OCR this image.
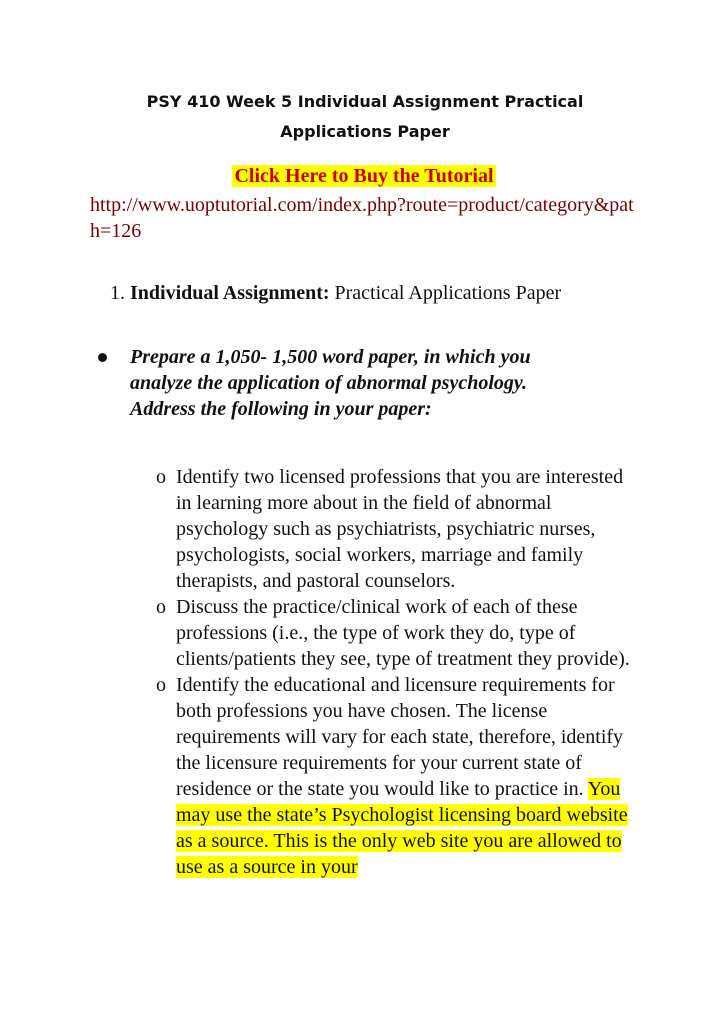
PSY 410 Week 5 Individual Assignment Practical
Applications Paper
Click Here to Buy the Tutorial

http://www.uoptutorial.com/index.php?route=product/category&path=126

1. Individual Assignment: Practical Applications Paper

Prepare a 1,050- 1,500 word paper, in which you
analyze the application of abnormal psychology.
Address the following in your paper:

o Identify two licensed professions that you are interested in learning more about in the field of abnormal psychology such as psychiatrists, psychiatric nurses, psychologists, social workers, marriage and family therapists, and pastoral counselors.
o Discuss the practice/clinical work of each of these professions (i.e., the type of work they do, type of clients/patients they see, type of treatment they provide).
o Identify the educational and licensure requirements for both professions you have chosen. The license requirements will vary for each state, therefore, identify the licensure requirements for your current state of residence or the state you would like to practice in. You may use the state’s Psychologist licensing board website as a source. This is the only web site you are allowed to use as a source in your
